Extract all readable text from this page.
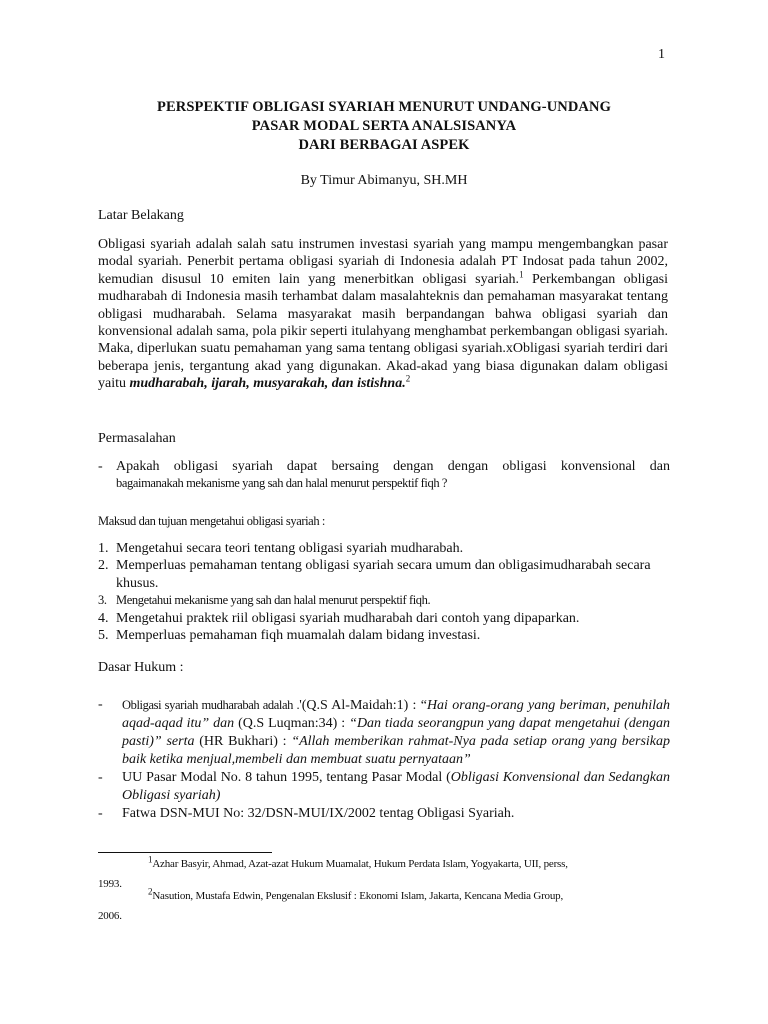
1
PERSPEKTIF OBLIGASI SYARIAH MENURUT UNDANG-UNDANG
PASAR MODAL SERTA ANALSISANYA
DARI BERBAGAI ASPEK
By Timur Abimanyu, SH.MH
Latar Belakang
Obligasi syariah adalah salah satu instrumen investasi syariah yang mampu mengembangkan pasar modal syariah. Penerbit pertama obligasi syariah di Indonesia adalah PT Indosat pada tahun 2002, kemudian disusul 10 emiten lain yang menerbitkan obligasi syariah.$^1$ Perkembangan obligasi mudharabah di Indonesia masih terhambat dalam masalahteknis dan pemahaman masyarakat tentang obligasi mudharabah. Selama masyarakat masih berpandangan bahwa obligasi syariah dan konvensional adalah sama, pola pikir seperti itulahyang menghambat perkembangan obligasi syariah. Maka, diperlukan suatu pemahaman yang sama tentang obligasi syariah.xObligasi syariah terdiri dari beberapa jenis, tergantung akad yang digunakan. Akad-akad yang biasa digunakan dalam obligasi yaitu mudharabah, ijarah, musyarakah, dan istishna.$^2$
Permasalahan
- Apakah obligasi syariah dapat bersaing dengan dengan obligasi konvensional dan
bagaimanakah mekanisme yang sah dan halal menurut perspektif fiqh ?
Maksud dan tujuan mengetahui obligasi syariah :
1. Mengetahui secara teori tentang obligasi syariah mudharabah.
2. Memperluas pemahaman tentang obligasi syariah secara umum dan obligasimudharabah secara khusus.
3. Mengetahui mekanisme yang sah dan halal menurut perspektif fiqh.
4. Mengetahui praktek riil obligasi syariah mudharabah dari contoh yang dipaparkan.
5. Memperluas pemahaman fiqh muamalah dalam bidang investasi.
Dasar Hukum :
- Obligasi syariah mudharabah adalah .'(Q.S Al-Maidah:1) : “Hai orang-orang yang beriman, penuhilah aqad-aqad itu” dan (Q.S Luqman:34) : “Dan tiada seorangpun yang dapat mengetahui (dengan pasti)” serta (HR Bukhari) : “Allah memberikan rahmat-Nya pada setiap orang yang bersikap baik ketika menjual,membeli dan membuat suatu pernyataan”
- UU Pasar Modal No. 8 tahun 1995, tentang Pasar Modal (Obligasi Konvensional dan Sedangkan Obligasi syariah)
- Fatwa DSN-MUI No: 32/DSN-MUI/IX/2002 tentag Obligasi Syariah.
$^1$Azhar Basyir, Ahmad, Azat-azat Hukum Muamalat, Hukum Perdata Islam, Yogyakarta, UII, perss,
1993.
$^2$Nasution, Mustafa Edwin, Pengenalan Ekslusif : Ekonomi Islam, Jakarta, Kencana Media Group,
2006.
